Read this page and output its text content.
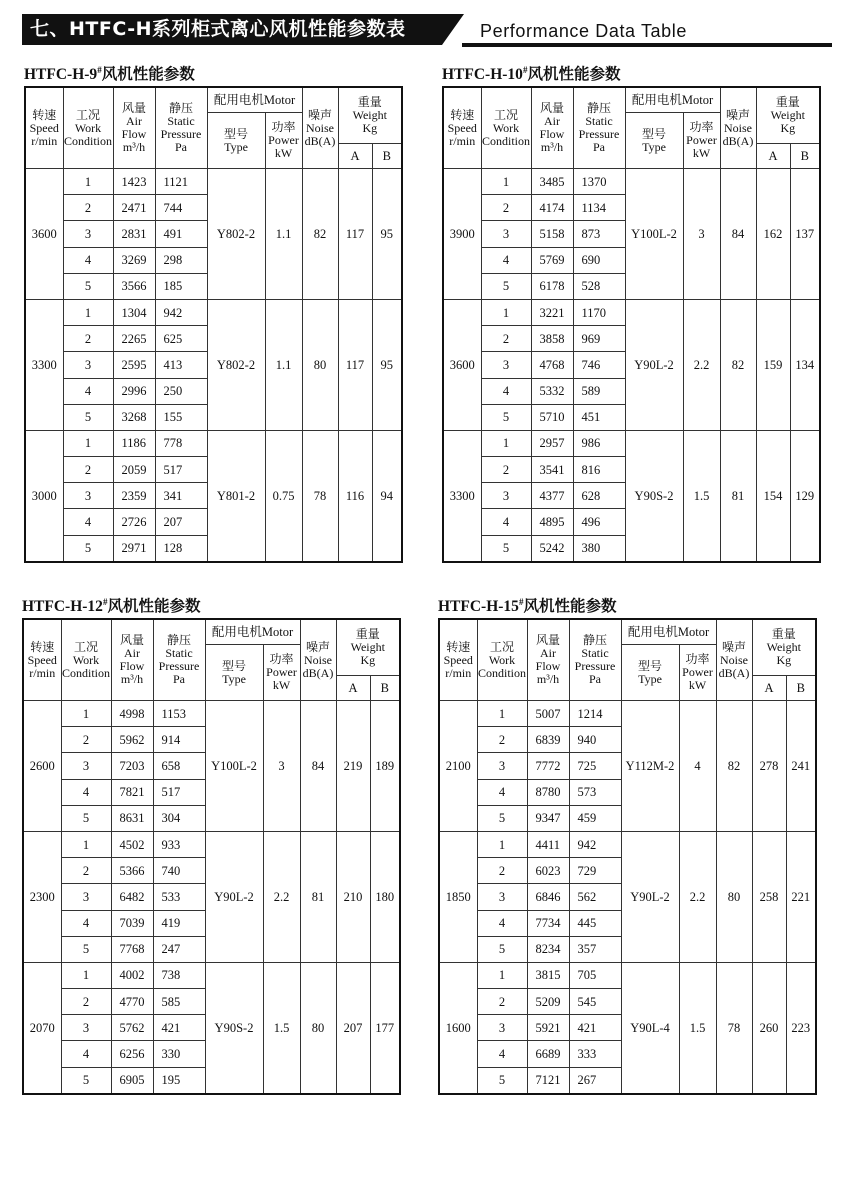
七、HTFC-H系列柜式离心风机性能参数表	Performance Data Table
HTFC-H-9#风机性能参数
转速
Speed
r/min	工况
Work
Condition	风量
Air
Flow
m³/h	静压
Static
Pressure
Pa	配用电机Motor		噪声
Noise
dB(A)	重量
Weight
Kg	
				型号
Type	功率
Power
kW			
							A	B
3600	1	1423	1121	Y802-2	1.1	82	117	95
	2	2471	744					
	3	2831	491					
	4	3269	298					
	5	3566	185					
3300	1	1304	942	Y802-2	1.1	80	117	95
	2	2265	625					
	3	2595	413					
	4	2996	250					
	5	3268	155					
3000	1	1186	778	Y801-2	0.75	78	116	94
	2	2059	517					
	3	2359	341					
	4	2726	207					
	5	2971	128					
HTFC-H-10#风机性能参数
转速
Speed
r/min	工况
Work
Condition	风量
Air
Flow
m³/h	静压
Static
Pressure
Pa	配用电机Motor		噪声
Noise
dB(A)	重量
Weight
Kg	
				型号
Type	功率
Power
kW			
							A	B
3900	1	3485	1370	Y100L-2	3	84	162	137
	2	4174	1134					
	3	5158	873					
	4	5769	690					
	5	6178	528					
3600	1	3221	1170	Y90L-2	2.2	82	159	134
	2	3858	969					
	3	4768	746					
	4	5332	589					
	5	5710	451					
3300	1	2957	986	Y90S-2	1.5	81	154	129
	2	3541	816					
	3	4377	628					
	4	4895	496					
	5	5242	380					
HTFC-H-12#风机性能参数
转速
Speed
r/min	工况
Work
Condition	风量
Air
Flow
m³/h	静压
Static
Pressure
Pa	配用电机Motor		噪声
Noise
dB(A)	重量
Weight
Kg	
				型号
Type	功率
Power
kW			
							A	B
2600	1	4998	1153	Y100L-2	3	84	219	189
	2	5962	914					
	3	7203	658					
	4	7821	517					
	5	8631	304					
2300	1	4502	933	Y90L-2	2.2	81	210	180
	2	5366	740					
	3	6482	533					
	4	7039	419					
	5	7768	247					
2070	1	4002	738	Y90S-2	1.5	80	207	177
	2	4770	585					
	3	5762	421					
	4	6256	330					
	5	6905	195					
HTFC-H-15#风机性能参数
转速
Speed
r/min	工况
Work
Condition	风量
Air
Flow
m³/h	静压
Static
Pressure
Pa	配用电机Motor		噪声
Noise
dB(A)	重量
Weight
Kg	
				型号
Type	功率
Power
kW			
							A	B
2100	1	5007	1214	Y112M-2	4	82	278	241
	2	6839	940					
	3	7772	725					
	4	8780	573					
	5	9347	459					
1850	1	4411	942	Y90L-2	2.2	80	258	221
	2	6023	729					
	3	6846	562					
	4	7734	445					
	5	8234	357					
1600	1	3815	705	Y90L-4	1.5	78	260	223
	2	5209	545					
	3	5921	421					
	4	6689	333					
	5	7121	267					
